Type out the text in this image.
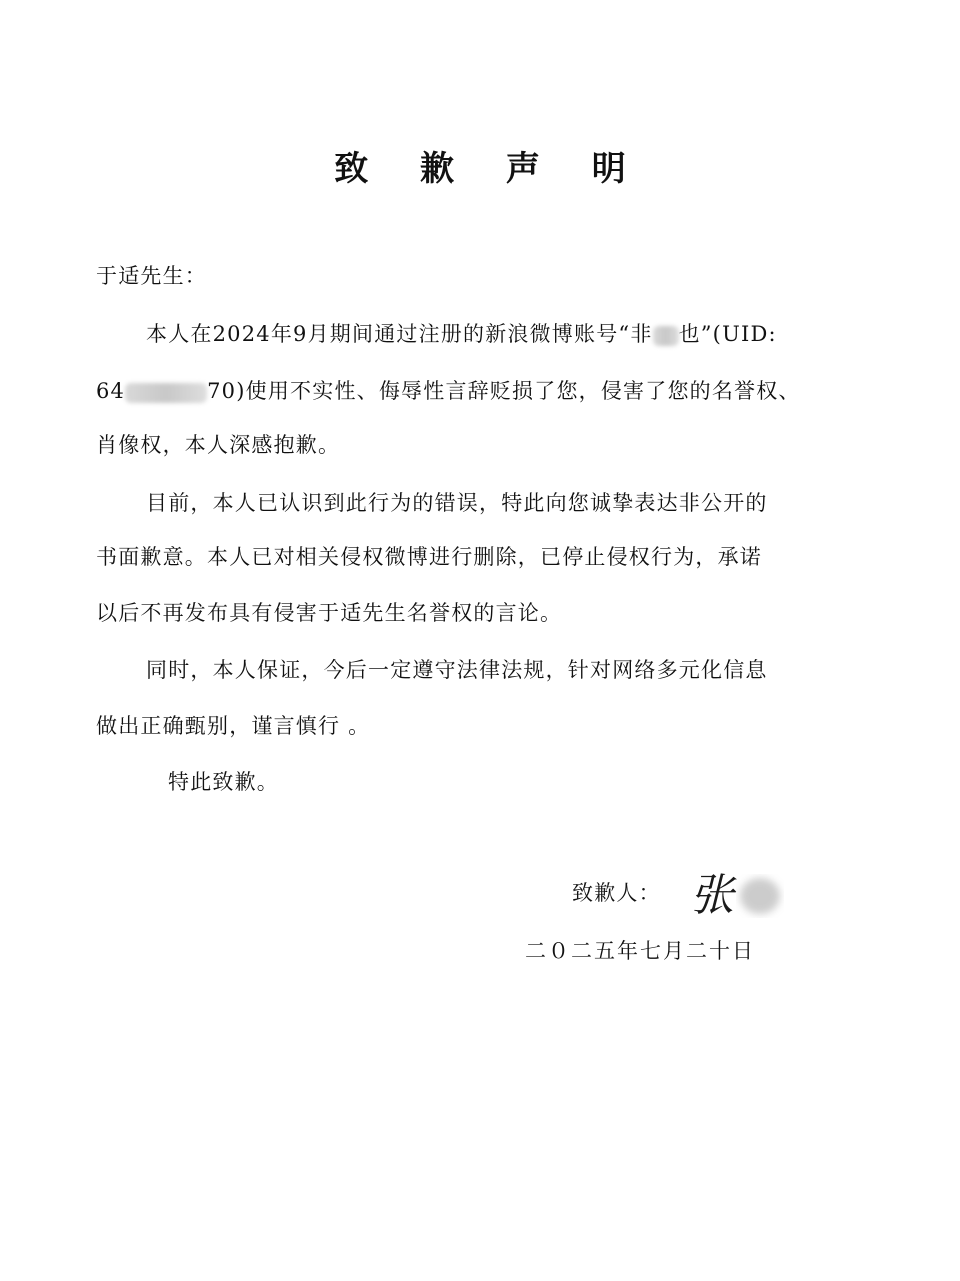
致 歉 声 明
于适先生：
本人在2024年9月期间通过注册的新浪微博账号“非 也”(UID:
64	70)使用不实性、侮辱性言辞贬损了您，侵害了您的名誉权、
肖像权，本人深感抱歉。
目前，本人已认识到此行为的错误，特此向您诚挚表达非公开的
书面歉意。本人已对相关侵权微博进行删除，已停止侵权行为，承诺
以后不再发布具有侵害于适先生名誉权的言论。
同时，本人保证，今后一定遵守法律法规，针对网络多元化信息
做出正确甄别，谨言慎行 。
特此致歉。
致歉人： 张
二０二五年七月二十日
